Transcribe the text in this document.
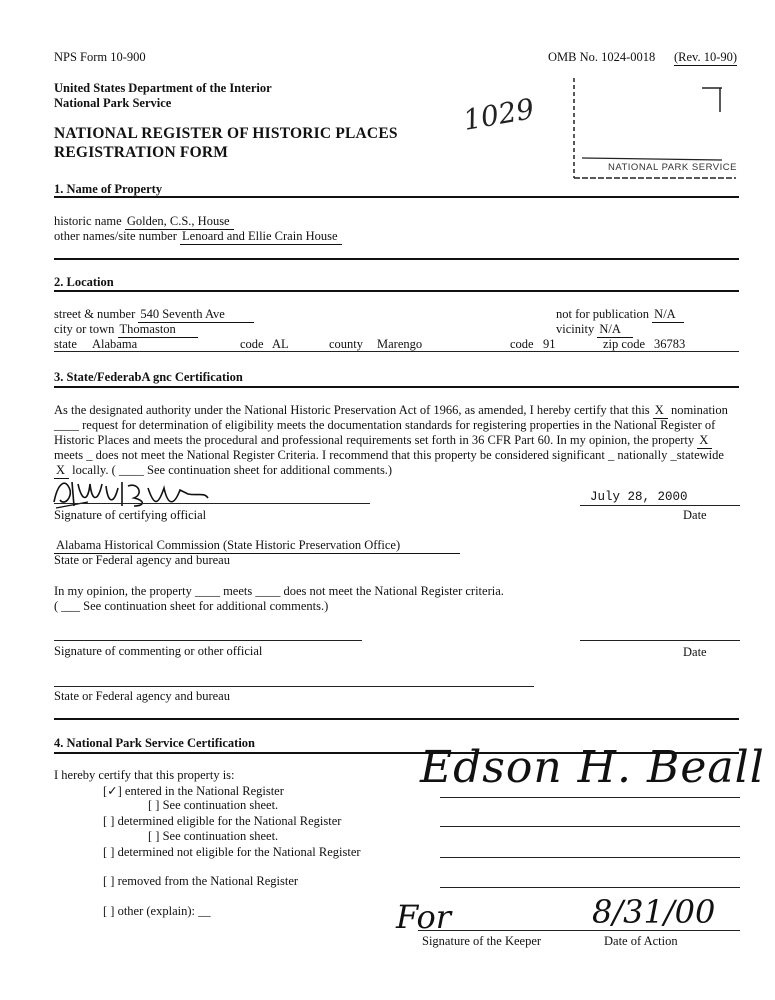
NPS Form 10-900	OMB No. 1024-0018 (Rev. 10-90)
United States Department of the Interior
National Park Service
NATIONAL REGISTER OF HISTORIC PLACES
REGISTRATION FORM
1029
NATIONAL PARK SERVICE
1. Name of Property
historic name Golden, C.S., House
other names/site number Lenoard and Ellie Crain House
2. Location
street & number 540 Seventh Ave	not for publication N/A
city or town Thomaston	vicinity N/A
state Alabama	code AL	county Marengo	code 91	zip code 36783
3. State/FederabA gnc Certification
As the designated authority under the National Historic Preservation Act of 1966, as amended, I hereby certify that this X nomination
____ request for determination of eligibility meets the documentation standards for registering properties in the National Register of
Historic Places and meets the procedural and professional requirements set forth in 36 CFR Part 60. In my opinion, the property X
meets _ does not meet the National Register Criteria. I recommend that this property be considered significant _ nationally _statewide
X locally. ( ____ See continuation sheet for additional comments.)
July 28, 2000
Signature of certifying official	Date
Alabama Historical Commission (State Historic Preservation Office)
State or Federal agency and bureau
In my opinion, the property ____ meets ____ does not meet the National Register criteria.
( ___ See continuation sheet for additional comments.)
Signature of commenting or other official	Date
State or Federal agency and bureau
4. National Park Service Certification
I hereby certify that this property is:
[✓] entered in the National Register
[ ] See continuation sheet.
[ ] determined eligible for the National Register
[ ] See continuation sheet.
[ ] determined not eligible for the National Register
[ ] removed from the National Register
[ ] other (explain): __
Edson H. Beall
For	8/31/00
Signature of the Keeper	Date of Action
